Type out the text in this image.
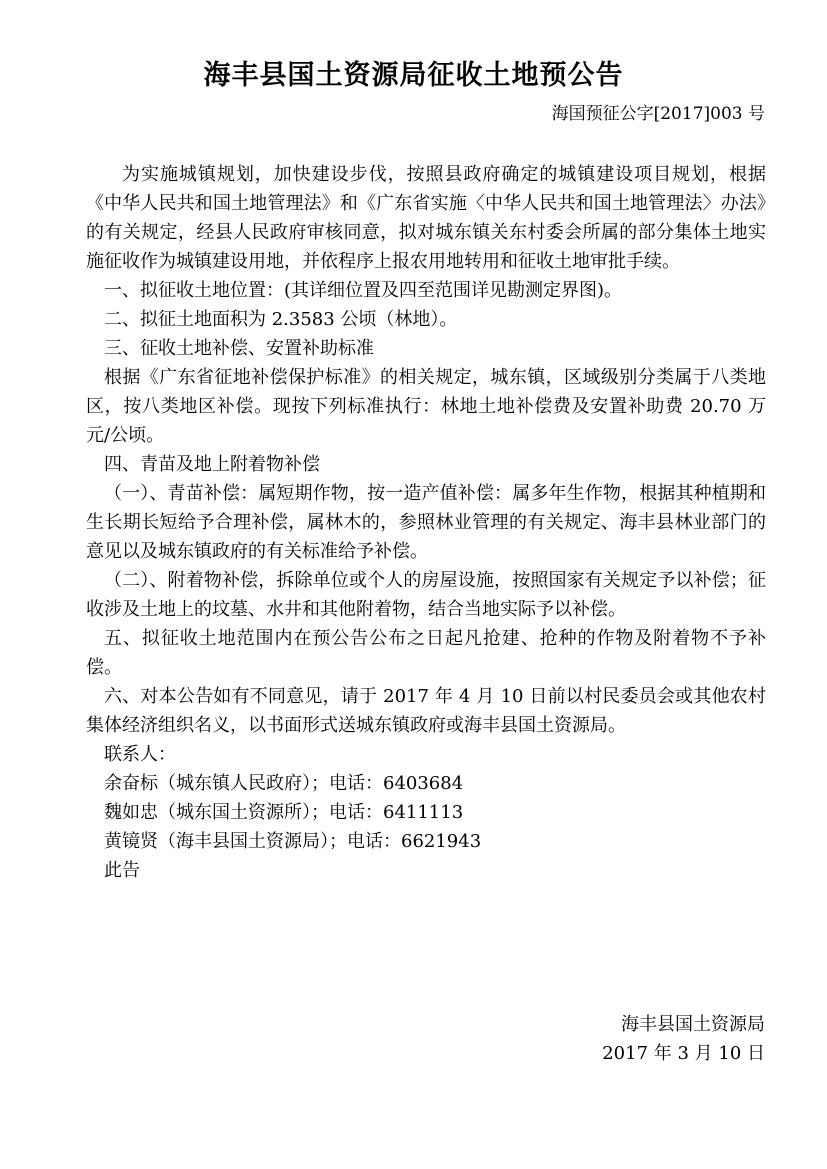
海丰县国土资源局征收土地预公告
海国预征公字[2017]003 号

为实施城镇规划，加快建设步伐，按照县政府确定的城镇建设项目规划，根据《中华人民共和国土地管理法》和《广东省实施〈中华人民共和国土地管理法〉办法》的有关规定，经县人民政府审核同意，拟对城东镇关东村委会所属的部分集体土地实施征收作为城镇建设用地，并依程序上报农用地转用和征收土地审批手续。

一、拟征收土地位置：(其详细位置及四至范围详见勘测定界图)。

二、拟征土地面积为 2.3583 公顷（林地）。

三、征收土地补偿、安置补助标准

根据《广东省征地补偿保护标准》的相关规定，城东镇，区域级别分类属于八类地区，按八类地区补偿。现按下列标准执行：林地土地补偿费及安置补助费 20.70 万元/公顷。

四、青苗及地上附着物补偿

（一）、青苗补偿：属短期作物，按一造产值补偿：属多年生作物，根据其种植期和生长期长短给予合理补偿，属林木的，参照林业管理的有关规定、海丰县林业部门的意见以及城东镇政府的有关标准给予补偿。

（二）、附着物补偿，拆除单位或个人的房屋设施，按照国家有关规定予以补偿；征收涉及土地上的坟墓、水井和其他附着物，结合当地实际予以补偿。

五、拟征收土地范围内在预公告公布之日起凡抢建、抢种的作物及附着物不予补偿。

六、对本公告如有不同意见，请于 2017 年 4 月 10 日前以村民委员会或其他农村集体经济组织名义，以书面形式送城东镇政府或海丰县国土资源局。

联系人：
余奋标（城东镇人民政府）；电话：6403684
魏如忠（城东国土资源所）；电话：6411113
黄镜贤（海丰县国土资源局）；电话：6621943
此告
海丰县国土资源局
2017 年 3 月 10 日
